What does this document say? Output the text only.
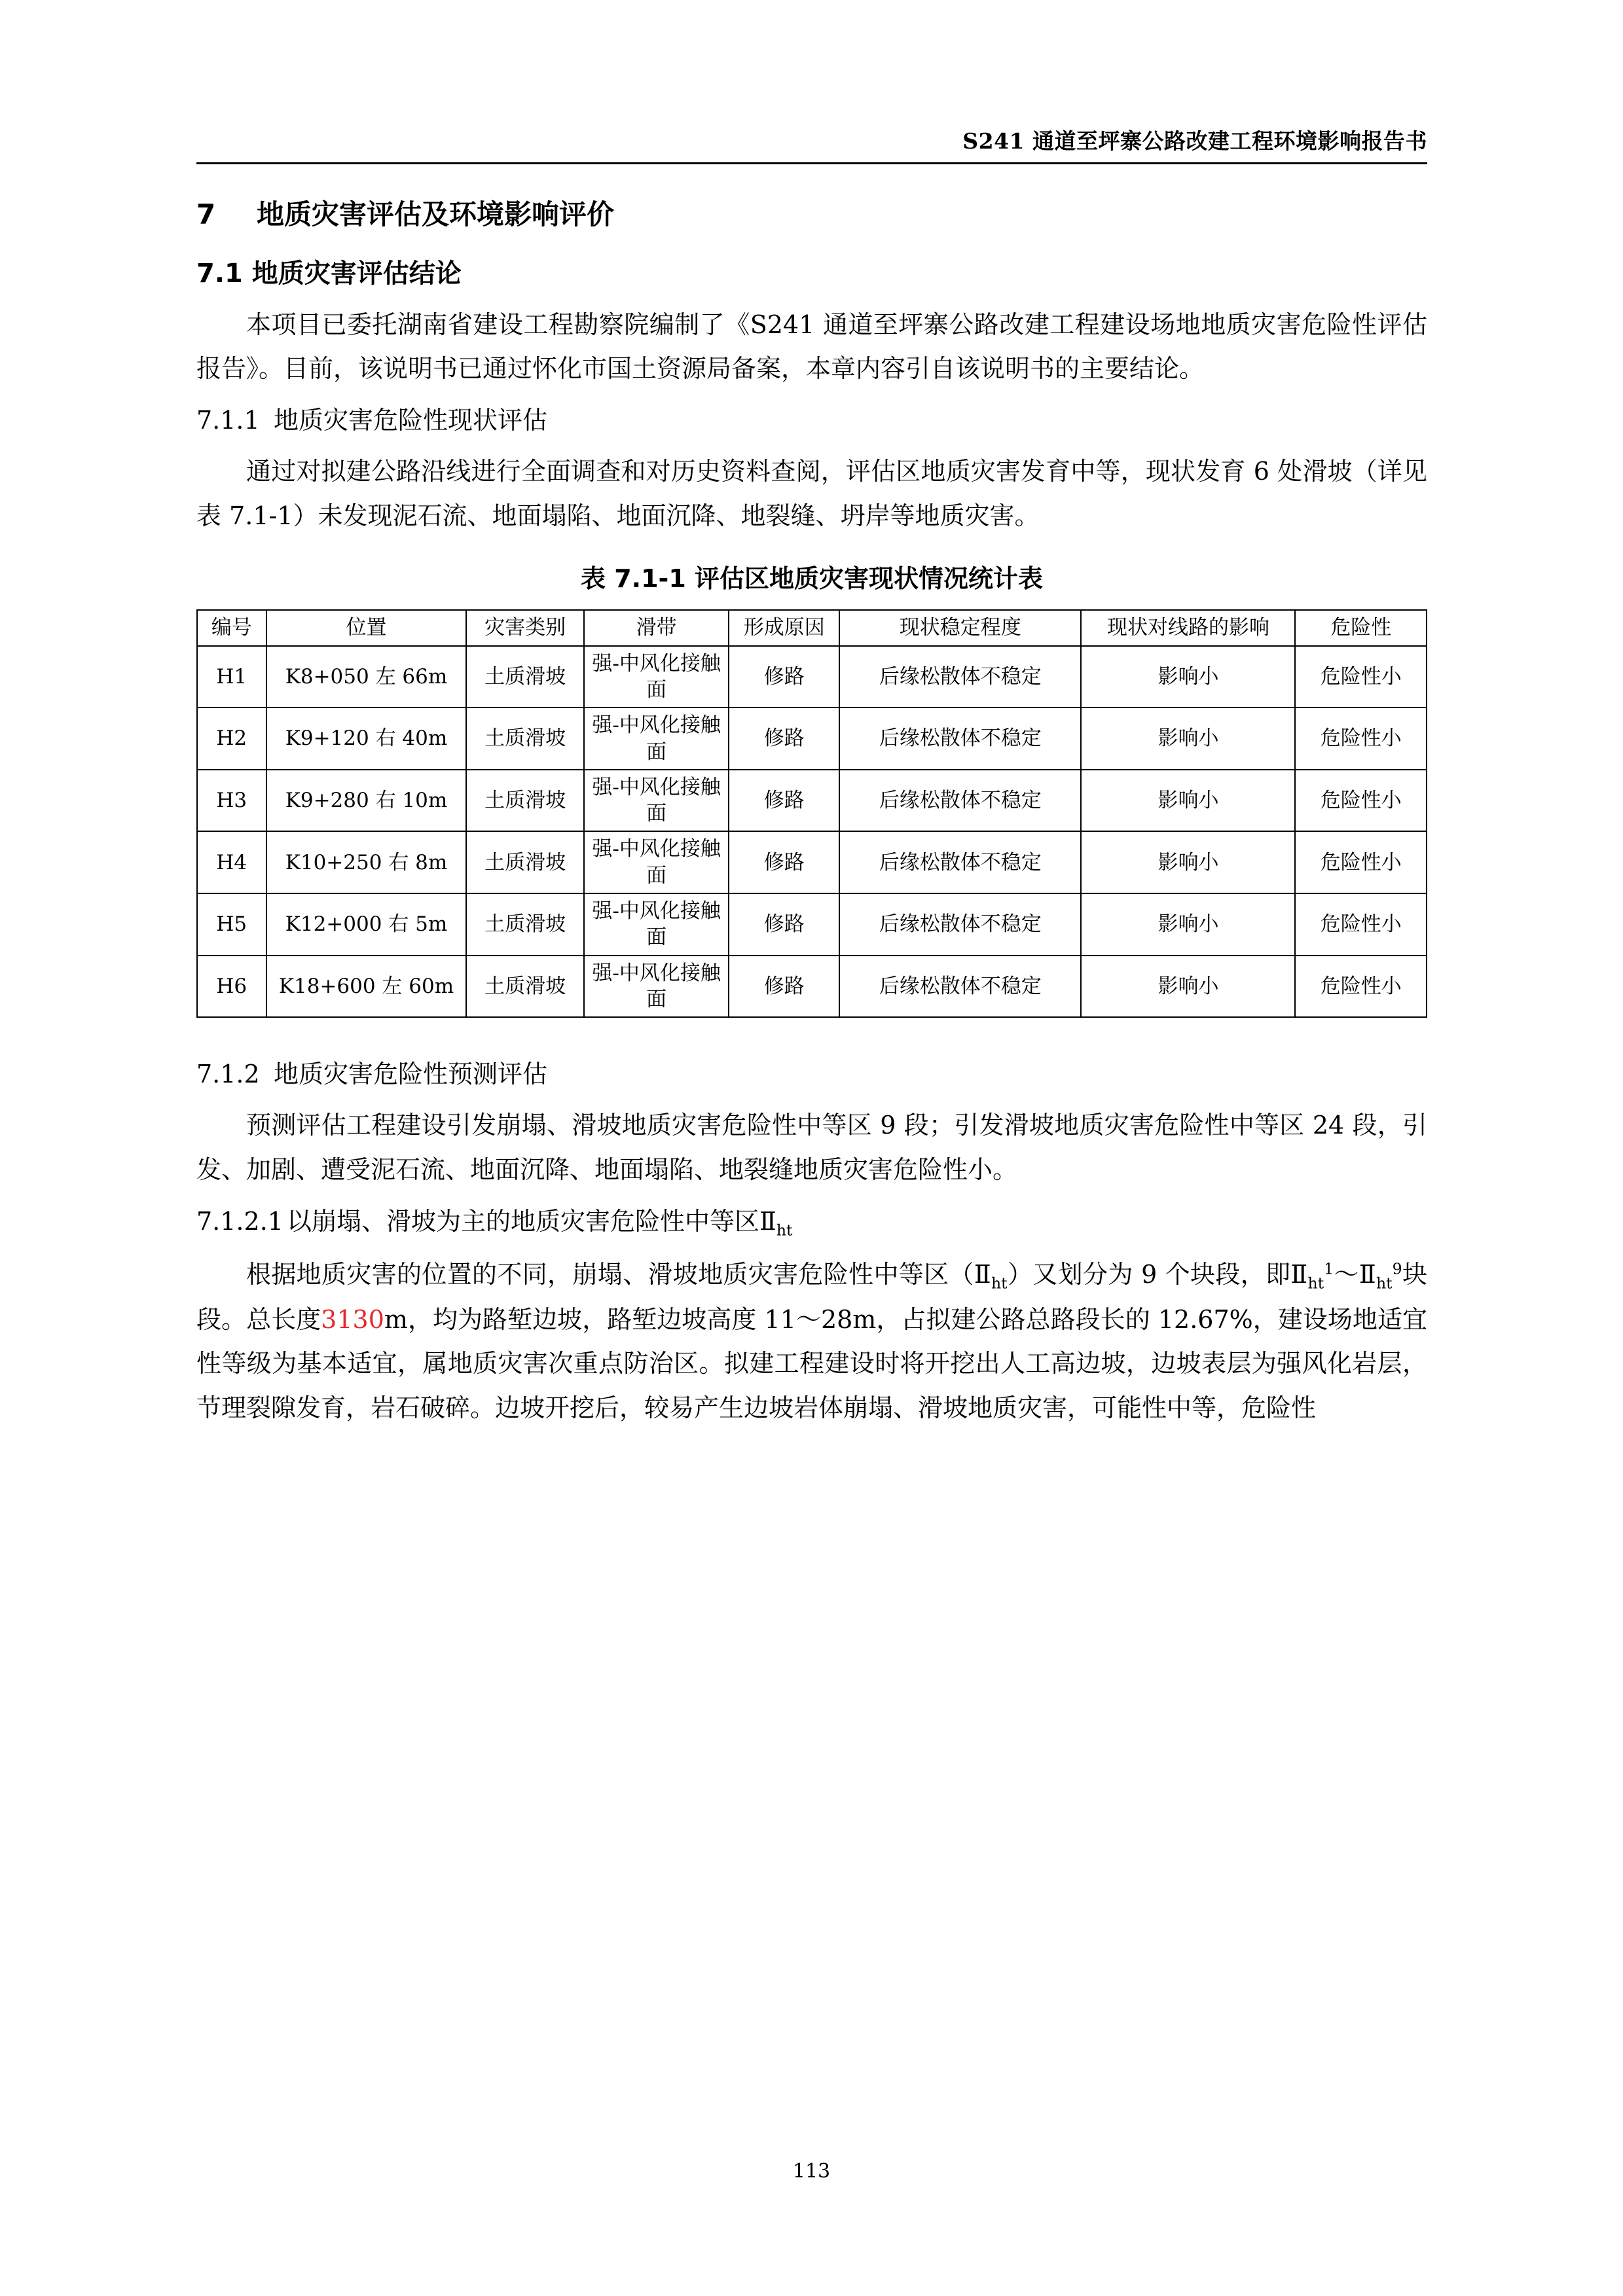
S241 通道至坪寨公路改建工程环境影响报告书
7 地质灾害评估及环境影响评价
7.1 地质灾害评估结论

本项目已委托湖南省建设工程勘察院编制了《S241 通道至坪寨公路改建工程建设场地地质灾害危险性评估报告》。目前，该说明书已通过怀化市国土资源局备案，本章内容引自该说明书的主要结论。

7.1.1 地质灾害危险性现状评估

通过对拟建公路沿线进行全面调查和对历史资料查阅，评估区地质灾害发育中等，现状发育 6 处滑坡（详见表 7.1-1）未发现泥石流、地面塌陷、地面沉降、地裂缝、坍岸等地质灾害。

表 7.1-1 评估区地质灾害现状情况统计表
编号	位置	灾害类别	滑带	形成原因	现状稳定程度	现状对线路的影响	危险性
H1	K8+050 左 66m	土质滑坡	强-中风化接触面	修路	后缘松散体不稳定	影响小	危险性小
H2	K9+120 右 40m	土质滑坡	强-中风化接触面	修路	后缘松散体不稳定	影响小	危险性小
H3	K9+280 右 10m	土质滑坡	强-中风化接触面	修路	后缘松散体不稳定	影响小	危险性小
H4	K10+250 右 8m	土质滑坡	强-中风化接触面	修路	后缘松散体不稳定	影响小	危险性小
H5	K12+000 右 5m	土质滑坡	强-中风化接触面	修路	后缘松散体不稳定	影响小	危险性小
H6	K18+600 左 60m	土质滑坡	强-中风化接触面	修路	后缘松散体不稳定	影响小	危险性小
7.1.2 地质灾害危险性预测评估

预测评估工程建设引发崩塌、滑坡地质灾害危险性中等区 9 段；引发滑坡地质灾害危险性中等区 24 段，引发、加剧、遭受泥石流、地面沉降、地面塌陷、地裂缝地质灾害危险性小。

7.1.2.1 以崩塌、滑坡为主的地质灾害危险性中等区$Ⅱ_{ht}$

根据地质灾害的位置的不同，崩塌、滑坡地质灾害危险性中等区$(Ⅱ_{ht})$又划分为 9 个块段，即$Ⅱ_{ht}^1\sim Ⅱ_{ht}^9$块段。总长度3130m，均为路堑边坡，路堑边坡高度 11～28m，占拟建公路总路段长的 12.67%，建设场地适宜性等级为基本适宜，属地质灾害次重点防治区。拟建工程建设时将开挖出人工高边坡，边坡表层为强风化岩层，节理裂隙发育，岩石破碎。边坡开挖后，较易产生边坡岩体崩塌、滑坡地质灾害，可能性中等，危险性

113
